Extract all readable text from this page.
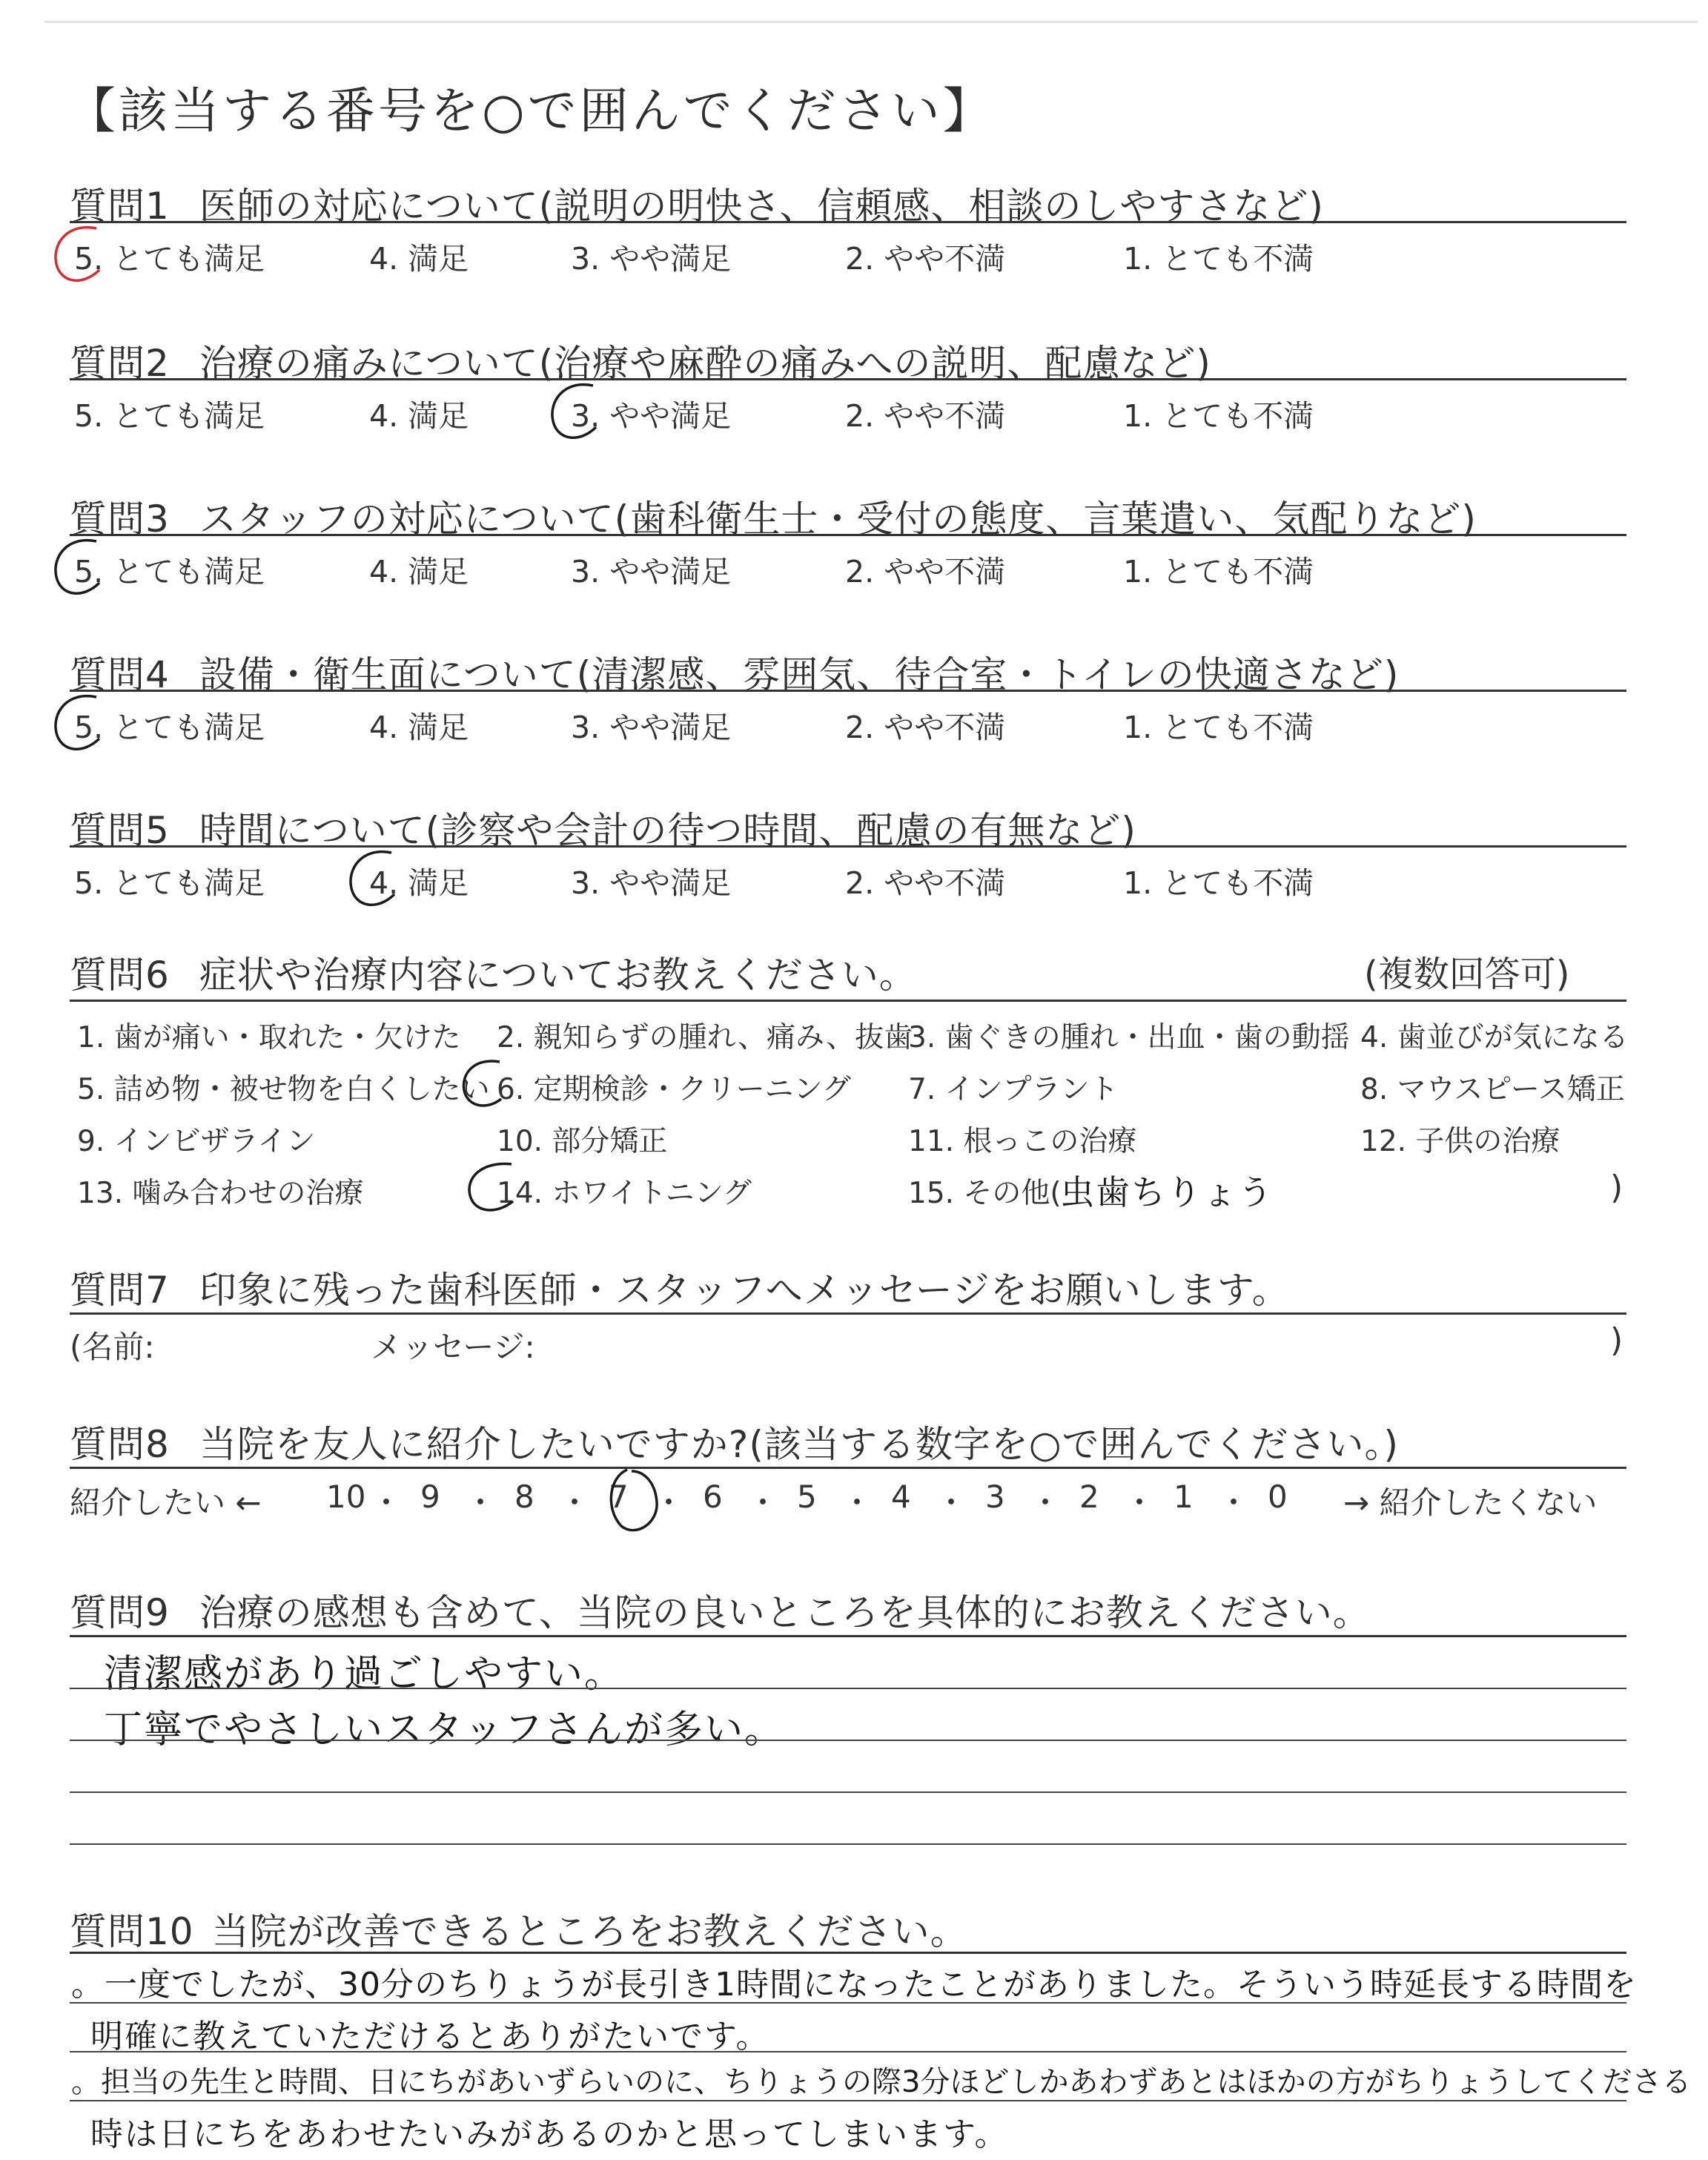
【該当する番号を○で囲んでください】
質問1 医師の対応について(説明の明快さ、信頼感、相談のしやすさなど)
5. とても満足	4. 満足	3. やや満足	2. やや不満	1. とても不満
質問2 治療の痛みについて(治療や麻酔の痛みへの説明、配慮など)
5. とても満足	4. 満足	3. やや満足	2. やや不満	1. とても不満
質問3 スタッフの対応について(歯科衛生士・受付の態度、言葉遣い、気配りなど)
5. とても満足	4. 満足	3. やや満足	2. やや不満	1. とても不満
質問4 設備・衛生面について(清潔感、雰囲気、待合室・トイレの快適さなど)
5. とても満足	4. 満足	3. やや満足	2. やや不満	1. とても不満
質問5 時間について(診察や会計の待つ時間、配慮の有無など)
5. とても満足	4. 満足	3. やや満足	2. やや不満	1. とても不満
質問6 症状や治療内容についてお教えください。	(複数回答可)
1. 歯が痛い・取れた・欠けた 2. 親知らずの腫れ、痛み、抜歯
3. 歯ぐきの腫れ・出血・歯の動揺 4. 歯並びが気になる
5. 詰め物・被せ物を白くしたい 6. 定期検診・クリーニング 7. インプラント	8. マウスピース矯正
9. インビザライン	10. 部分矯正	11. 根っこの治療	12. 子供の治療
13. 噛み合わせの治療	14. ホワイトニング	15. その他(
虫歯ちりょう	)
質問7 印象に残った歯科医師・スタッフへメッセージをお願いします。
(名前:	メッセージ:	)
質問8 当院を友人に紹介したいですか?(該当する数字を○で囲んでください。)
紹介したい ← 10 ・ 9 ・ 8 ・ 7 ・ 6 ・ 5 ・ 4 ・ 3 ・ 2 ・ 1 ・ 0 → 紹介したくない
質問9 治療の感想も含めて、当院の良いところを具体的にお教えください。
清潔感があり過ごしやすい。
丁寧でやさしいスタッフさんが多い。
質問10 当院が改善できるところをお教えください。
。一度でしたが、30分のちりょうが長引き1時間になったことがありました。そういう時延長する時間を
明確に教えていただけるとありがたいです。
。担当の先生と時間、日にちがあいずらいのに、ちりょうの際3分ほどしかあわずあとはほかの方がちりょうしてくださる
時は日にちをあわせたいみがあるのかと思ってしまいます。
